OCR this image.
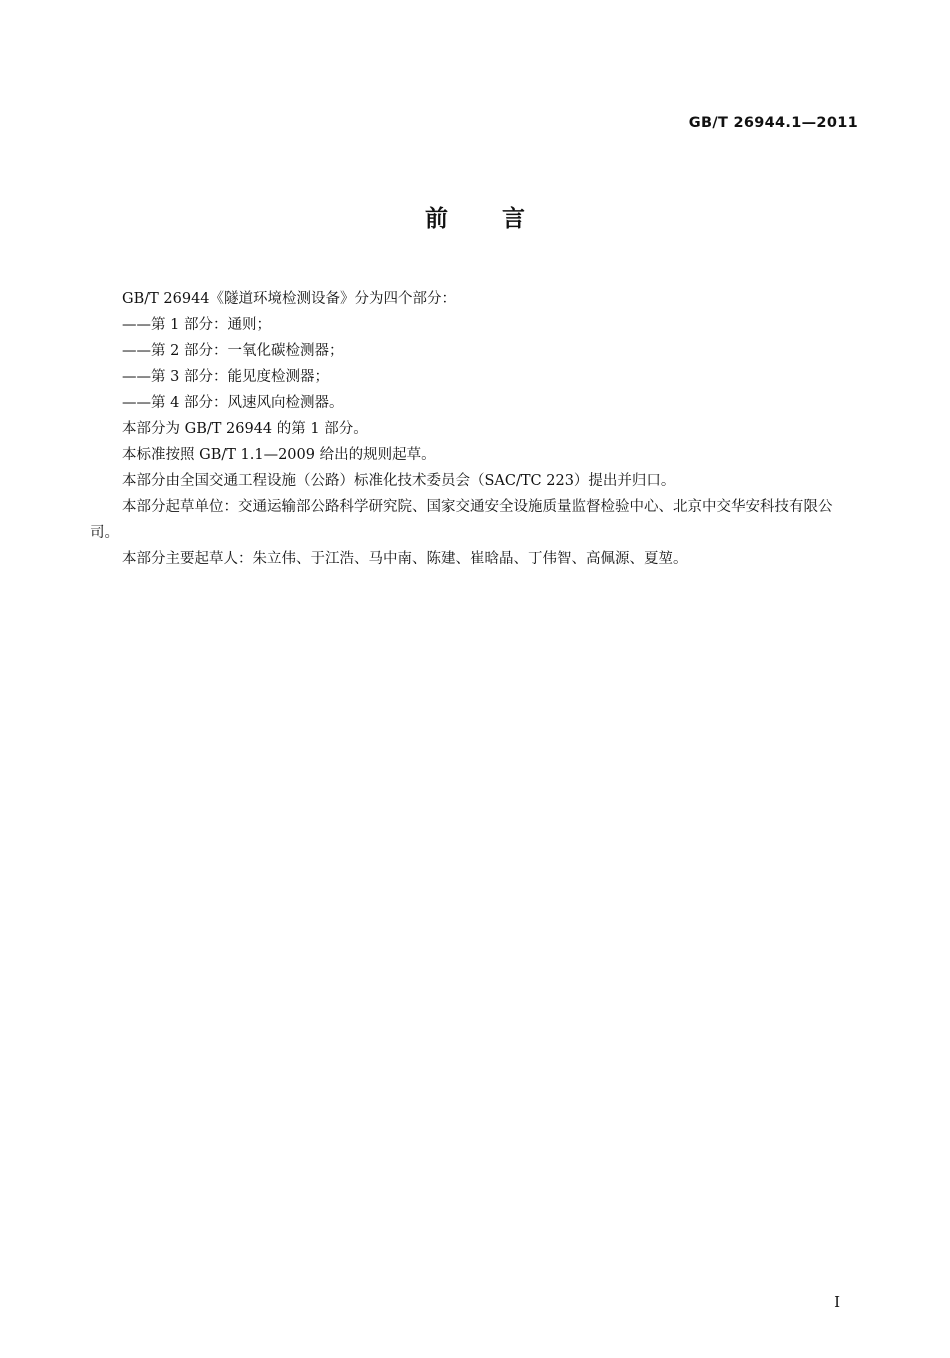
GB/T 26944.1—2011
前言

GB/T 26944《隧道环境检测设备》分为四个部分：

——第 1 部分：通则；

——第 2 部分：一氧化碳检测器；

——第 3 部分：能见度检测器；

——第 4 部分：风速风向检测器。

本部分为 GB/T 26944 的第 1 部分。

本标准按照 GB/T 1.1—2009 给出的规则起草。

本部分由全国交通工程设施（公路）标准化技术委员会（SAC/TC 223）提出并归口。

本部分起草单位：交通运输部公路科学研究院、国家交通安全设施质量监督检验中心、北京中交华安科技有限公司。

本部分主要起草人：朱立伟、于江浩、马中南、陈建、崔晗晶、丁伟智、高佩源、夏堃。

I
